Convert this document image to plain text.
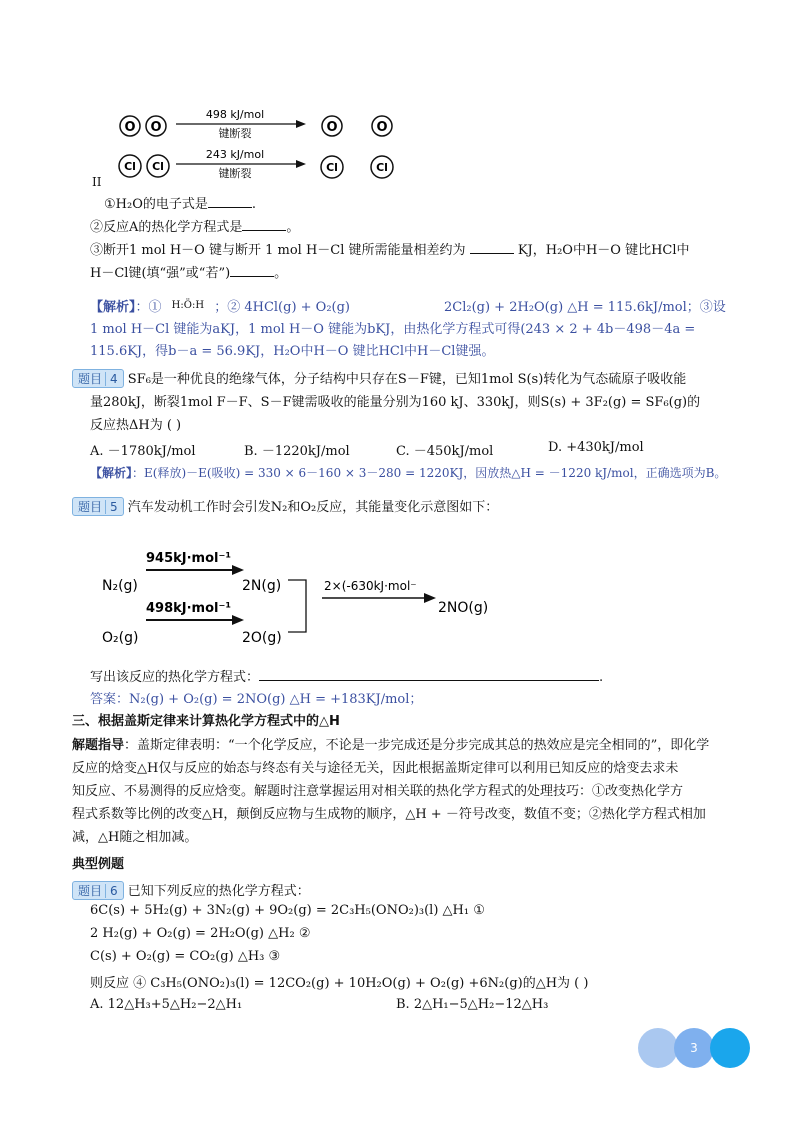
O O
498 kJ/mol
键断裂	O	O
Cl Cl
243 kJ/mol
键断裂	Cl	Cl
II
①H₂O的电子式是	.
②反应A的热化学方程式是	。
③断开1 mol H－O 键与断开 1 mol H－Cl 键所需能量相差约为	KJ，H₂O中H－O 键比HCl中
H－Cl键(填“强”或“若”)	。
【解析】：① $^{H:Ö:H}$ ；② 4HCl(g) + O₂(g)	2Cl₂(g) + 2H₂O(g) △H = 115.6kJ/mol；③设
1 mol H－Cl 键能为aKJ，1 mol H－O 键能为bKJ，由热化学方程式可得(243 × 2 + 4b－498－4a =
115.6KJ，得b－a = 56.9KJ，H₂O中H－O 键比HCl中H－Cl键强。
题目 4 SF₆是一种优良的绝缘气体，分子结构中只存在S－F键，已知1mol S(s)转化为气态硫原子吸收能
量280kJ，断裂1mol F－F、S－F键需吸收的能量分别为160 kJ、330kJ，则S(s) + 3F₂(g) = SF₆(g)的
反应热ΔH为 ( )
A. －1780kJ/mol	B. －1220kJ/mol	C. －450kJ/mol	D. +430kJ/mol
【解析】：E(释放)－E(吸收) = 330 × 6－160 × 3－280 = 1220KJ，因放热△H = －1220 kJ/mol，正确选项为B。
题目 5 汽车发动机工作时会引发N₂和O₂反应，其能量变化示意图如下：
N₂(g)
945kJ·mol⁻¹
2N(g)
498kJ·mol⁻¹
O₂(g)	2O(g)
2×(-630kJ·mol⁻
2NO(g)
写出该反应的热化学方程式：	.
答案：N₂(g) + O₂(g) = 2NO(g) △H = +183KJ/mol；
三、根据盖斯定律来计算热化学方程式中的△H
解题指导：盖斯定律表明：“一个化学反应，不论是一步完成还是分步完成其总的热效应是完全相同的”，即化学
反应的焓变△H仅与反应的始态与终态有关与途径无关，因此根据盖斯定律可以利用已知反应的焓变去求未
知反应、不易测得的反应焓变。解题时注意掌握运用对相关联的热化学方程式的处理技巧：①改变热化学方
程式系数等比例的改变△H，颠倒反应物与生成物的顺序，△H + －符号改变，数值不变；②热化学方程式相加
减，△H随之相加减。
典型例题
题目 6 已知下列反应的热化学方程式：
6C(s) + 5H₂(g) + 3N₂(g) + 9O₂(g) = 2C₃H₅(ONO₂)₃(l) △H₁ ①
2 H₂(g) + O₂(g) = 2H₂O(g) △H₂ ②
C(s) + O₂(g) = CO₂(g) △H₃ ③
则反应 ④ C₃H₅(ONO₂)₃(l) = 12CO₂(g) + 10H₂O(g) + O₂(g) +6N₂(g)的△H为 ( )
A. 12△H₃+5△H₂−2△H₁	B. 2△H₁−5△H₂−12△H₃
3
